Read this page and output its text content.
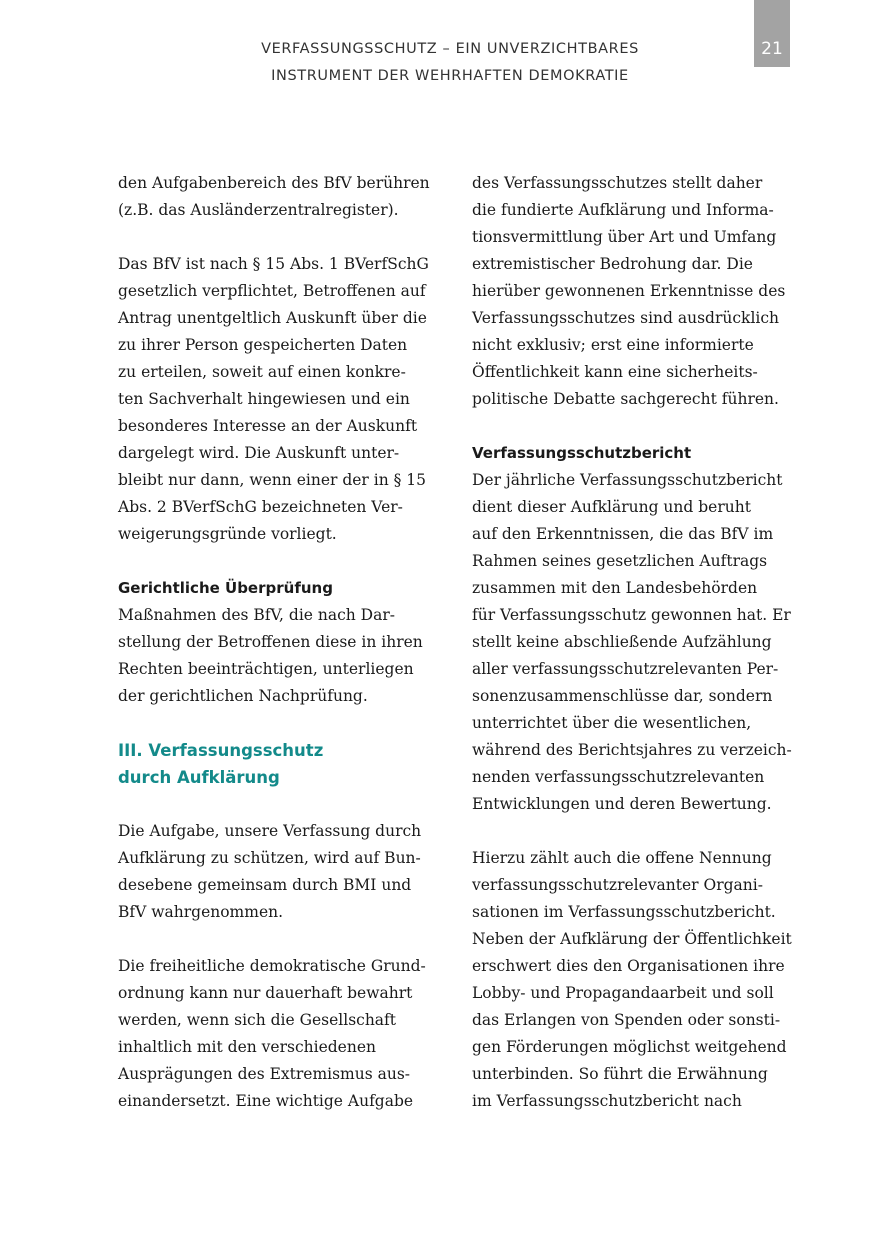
VERFASSUNGSSCHUTZ – EIN UNVERZICHTBARES
INSTRUMENT DER WEHRHAFTEN DEMOKRATIE
21
den Aufgabenbereich des BfV berühren
(z.B. das Ausländerzentralregister).
Das BfV ist nach § 15 Abs. 1 BVerfSchG
gesetzlich verpflichtet, Betroffenen auf
Antrag unentgeltlich Auskunft über die
zu ihrer Person gespeicherten Daten
zu erteilen, soweit auf einen konkre-
ten Sachverhalt hingewiesen und ein
besonderes Interesse an der Auskunft
dargelegt wird. Die Auskunft unter-
bleibt nur dann, wenn einer der in § 15
Abs. 2 BVerfSchG bezeichneten Ver-
weigerungsgründe vorliegt.
Gerichtliche Überprüfung
Maßnahmen des BfV, die nach Dar-
stellung der Betroffenen diese in ihren
Rechten beeinträchtigen, unterliegen
der gerichtlichen Nachprüfung.
III. Verfassungsschutz
durch Aufklärung
Die Aufgabe, unsere Verfassung durch
Aufklärung zu schützen, wird auf Bun-
desebene gemeinsam durch BMI und
BfV wahrgenommen.
Die freiheitliche demokratische Grund-
ordnung kann nur dauerhaft bewahrt
werden, wenn sich die Gesellschaft
inhaltlich mit den verschiedenen
Ausprägungen des Extremismus aus-
einandersetzt. Eine wichtige Aufgabe
des Verfassungsschutzes stellt daher
die fundierte Aufklärung und Informa-
tionsvermittlung über Art und Umfang
extremistischer Bedrohung dar. Die
hierüber gewonnenen Erkenntnisse des
Verfassungsschutzes sind ausdrücklich
nicht exklusiv; erst eine informierte
Öffentlichkeit kann eine sicherheits-
politische Debatte sachgerecht führen.
Verfassungsschutzbericht
Der jährliche Verfassungsschutzbericht
dient dieser Aufklärung und beruht
auf den Erkenntnissen, die das BfV im
Rahmen seines gesetzlichen Auftrags
zusammen mit den Landesbehörden
für Verfassungsschutz gewonnen hat. Er
stellt keine abschließende Aufzählung
aller verfassungsschutzrelevanten Per-
sonenzusammenschlüsse dar, sondern
unterrichtet über die wesentlichen,
während des Berichtsjahres zu verzeich-
nenden verfassungsschutzrelevanten
Entwicklungen und deren Bewertung.
Hierzu zählt auch die offene Nennung
verfassungsschutzrelevanter Organi-
sationen im Verfassungsschutzbericht.
Neben der Aufklärung der Öffentlichkeit
erschwert dies den Organisationen ihre
Lobby- und Propagandaarbeit und soll
das Erlangen von Spenden oder sonsti-
gen Förderungen möglichst weitgehend
unterbinden. So führt die Erwähnung
im Verfassungsschutzbericht nach
